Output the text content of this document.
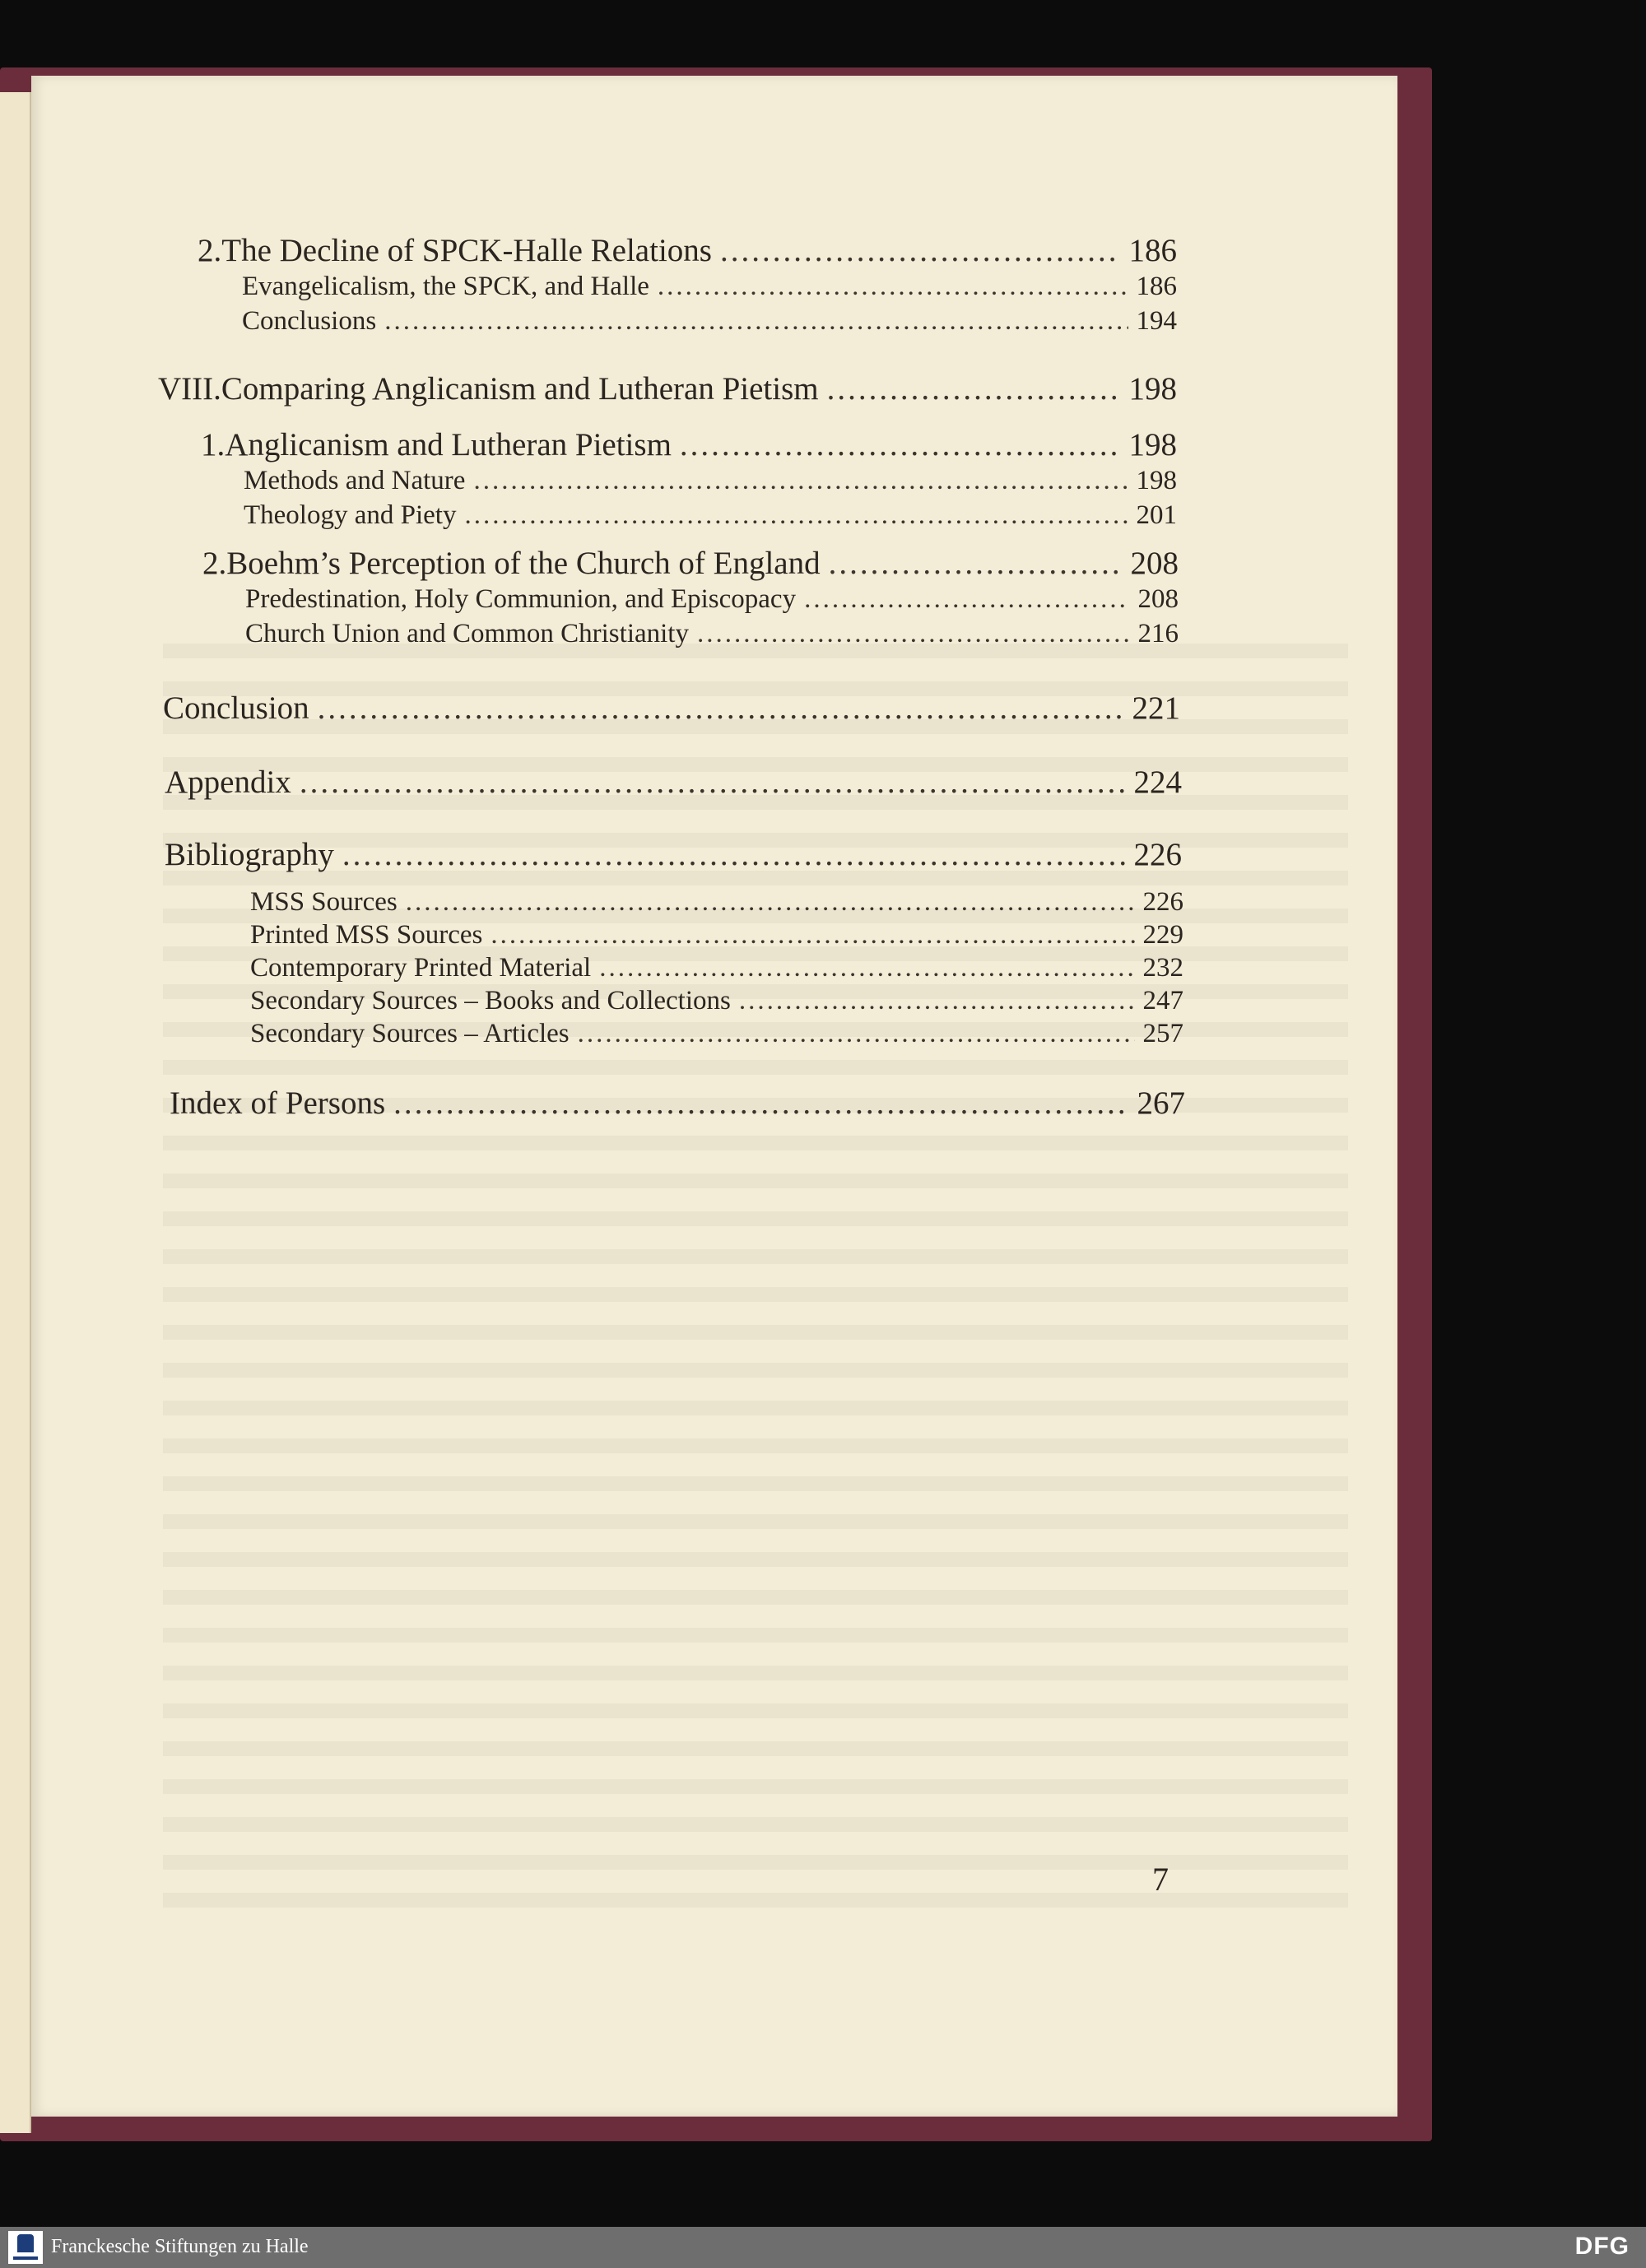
2. The Decline of SPCK-Halle Relations .....	186
Evangelicalism, the SPCK, and Halle .....	186
Conclusions .....	194
VIII. Comparing Anglicanism and Lutheran Pietism .....	198
1. Anglicanism and Lutheran Pietism .....	198
Methods and Nature .....	198
Theology and Piety .....	201
2. Boehm’s Perception of the Church of England .....	208
Predestination, Holy Communion, and Episcopacy .....	208
Church Union and Common Christianity .....	216
Conclusion .....	221
Appendix .....	224
Bibliography .....	226
MSS Sources .....	226
Printed MSS Sources .....	229
Contemporary Printed Material .....	232
Secondary Sources – Books and Collections .....	247
Secondary Sources – Articles .....	257
Index of Persons .....	267
7
Franckesche Stiftungen zu Halle	DFG
